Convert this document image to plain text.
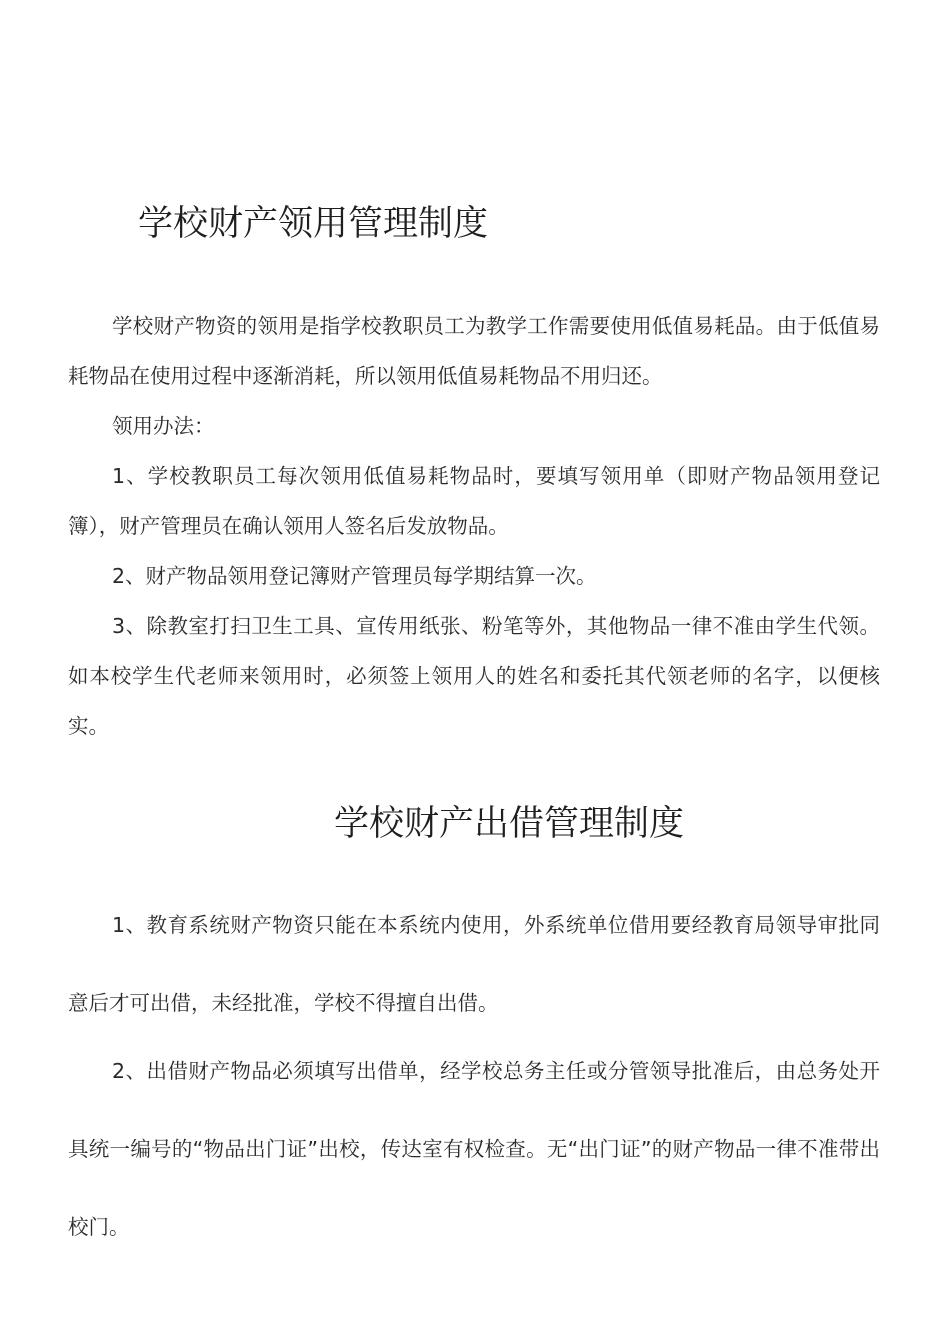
学校财产领用管理制度

学校财产物资的领用是指学校教职员工为教学工作需要使用低值易耗品。由于低值易耗物品在使用过程中逐渐消耗，所以领用低值易耗物品不用归还。

领用办法：

1、学校教职员工每次领用低值易耗物品时，要填写领用单（即财产物品领用登记簿），财产管理员在确认领用人签名后发放物品。

2、财产物品领用登记簿财产管理员每学期结算一次。

3、除教室打扫卫生工具、宣传用纸张、粉笔等外，其他物品一律不准由学生代领。如本校学生代老师来领用时，必须签上领用人的姓名和委托其代领老师的名字，以便核实。

学校财产出借管理制度

1、教育系统财产物资只能在本系统内使用，外系统单位借用要经教育局领导审批同意后才可出借，未经批准，学校不得擅自出借。

2、出借财产物品必须填写出借单，经学校总务主任或分管领导批准后，由总务处开具统一编号的“物品出门证”出校，传达室有权检查。无“出门证”的财产物品一律不准带出校门。
